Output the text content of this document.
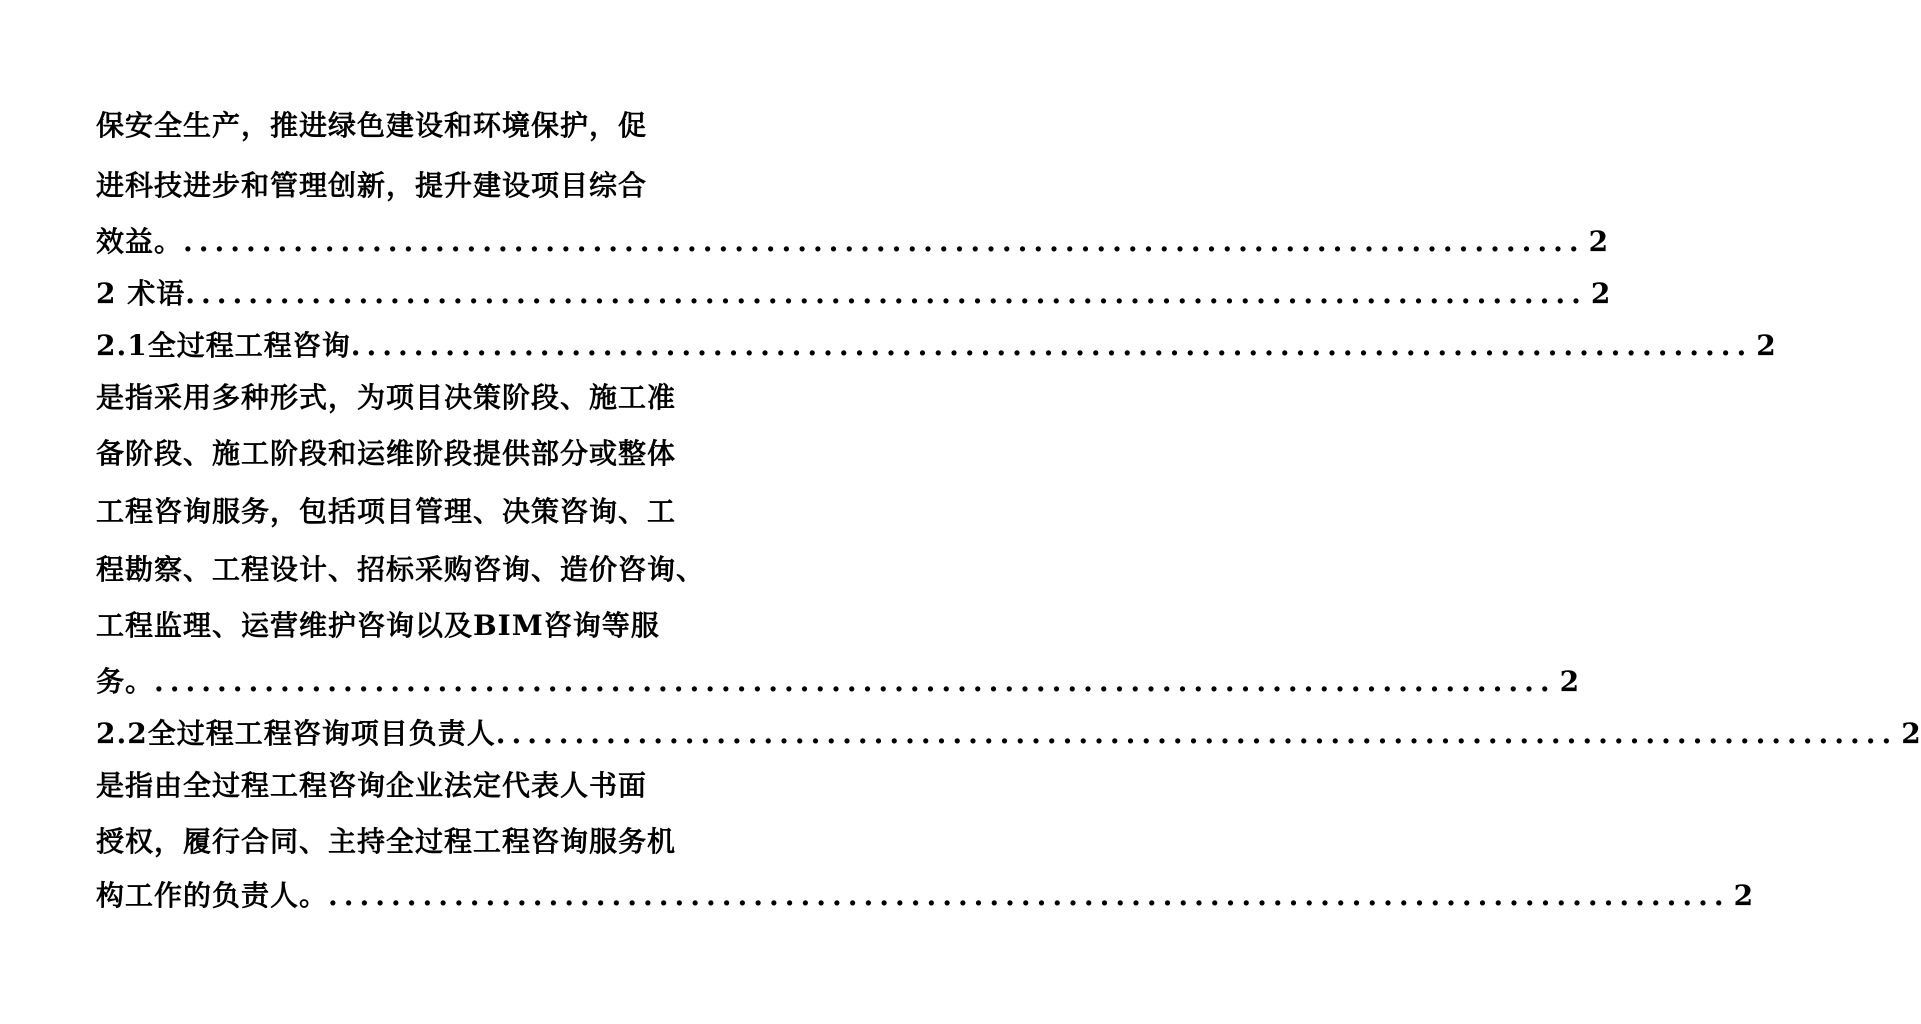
保安全生产，推进绿色建设和环境保护，促
进科技进步和管理创新，提升建设项目综合
效益。 .....	2
2 术语 .....	2
2.1全过程工程咨询 .....	2
是指采用多种形式，为项目决策阶段、施工准
备阶段、施工阶段和运维阶段提供部分或整体
工程咨询服务，包括项目管理、决策咨询、工
程勘察、工程设计、招标采购咨询、造价咨询、
工程监理、运营维护咨询以及BIM咨询等服
务。 .....	2
2.2全过程工程咨询项目负责人 .....	2
是指由全过程工程咨询企业法定代表人书面
授权，履行合同、主持全过程工程咨询服务机
构工作的负责人。 .....	2
